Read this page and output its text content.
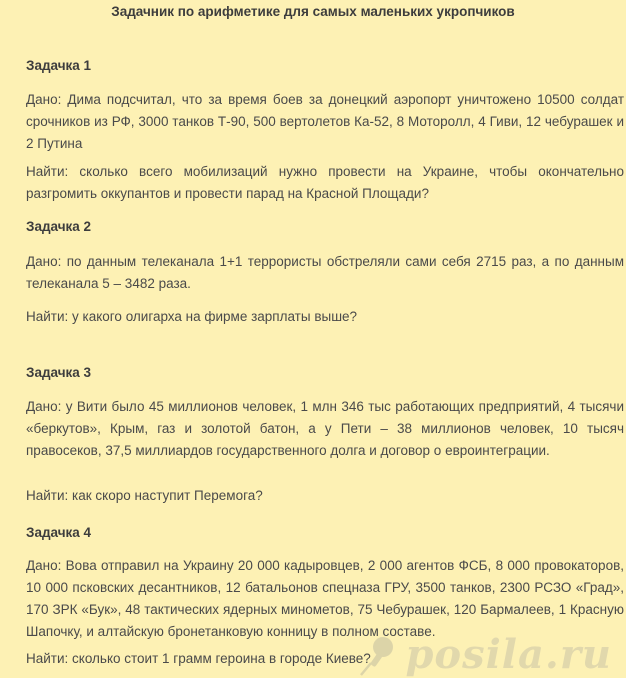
Задачник по арифметике для самых маленьких укропчиков
Задачка 1

Дано: Дима подсчитал, что за время боев за донецкий аэропорт уничтожено 10500 солдат срочников из РФ, 3000 танков Т-90, 500 вертолетов Ка-52, 8 Моторолл, 4 Гиви, 12 чебурашек и 2 Путина

Найти: сколько всего мобилизаций нужно провести на Украине, чтобы окончательно разгромить оккупантов и провести парад на Красной Площади?

Задачка 2

Дано: по данным телеканала 1+1 террористы обстреляли сами себя 2715 раз, а по данным телеканала 5 – 3482 раза.

Найти: у какого олигарха на фирме зарплаты выше?

Задачка 3

Дано: у Вити было 45 миллионов человек, 1 млн 346 тыс работающих предприятий, 4 тысячи «беркутов», Крым, газ и золотой батон, а у Пети – 38 миллионов человек, 10 тысяч правосеков, 37,5 миллиардов государственного долга и договор о евроинтеграции.

Найти: как скоро наступит Перемога?

Задачка 4

Дано: Вова отправил на Украину 20 000 кадыровцев, 2 000 агентов ФСБ, 8 000 провокаторов, 10 000 псковских десантников, 12 батальонов спецназа ГРУ, 3500 танков, 2300 РСЗО «Град», 170 ЗРК «Бук», 48 тактических ядерных минометов, 75 Чебурашек, 120 Бармалеев, 1 Красную Шапочку, и алтайскую бронетанковую конницу в полном составе.

Найти: сколько стоит 1 грамм героина в городе Киеве? posila.ru
